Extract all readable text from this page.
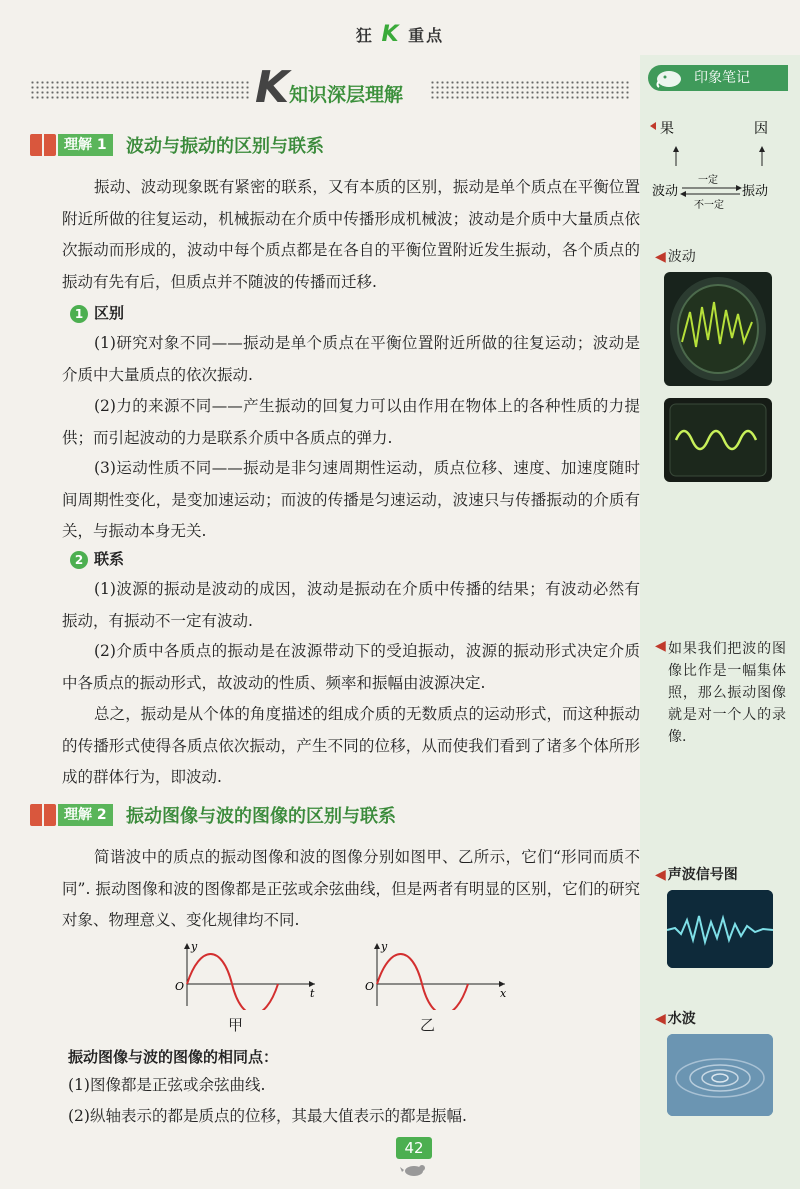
狂 K 重点
K 知识深层理解
印象笔记
理解 1	波动与振动的区别与联系

振动、波动现象既有紧密的联系，又有本质的区别，振动是单个质点在平衡位置附近所做的往复运动，机械振动在介质中传播形成机械波；波动是介质中大量质点依次振动而形成的，波动中每个质点都是在各自的平衡位置附近发生振动，各个质点的振动有先有后，但质点并不随波的传播而迁移.

1 区别

(1)研究对象不同——振动是单个质点在平衡位置附近所做的往复运动；波动是介质中大量质点的依次振动.

(2)力的来源不同——产生振动的回复力可以由作用在物体上的各种性质的力提供；而引起波动的力是联系介质中各质点的弹力.

(3)运动性质不同——振动是非匀速周期性运动，质点位移、速度、加速度随时间周期性变化，是变加速运动；而波的传播是匀速运动，波速只与传播振动的介质有关，与振动本身无关.

2 联系

(1)波源的振动是波动的成因，波动是振动在介质中传播的结果；有波动必然有振动，有振动不一定有波动.

(2)介质中各质点的振动是在波源带动下的受迫振动，波源的振动形式决定介质中各质点的振动形式，故波动的性质、频率和振幅由波源决定.

总之，振动是从个体的角度描述的组成介质的无数质点的运动形式，而这种振动的传播形式使得各质点依次振动，产生不同的位移，从而使我们看到了诸多个体所形成的群体行为，即波动.

理解 2	振动图像与波的图像的区别与联系

简谐波中的质点的振动图像和波的图像分别如图甲、乙所示，它们“形同而质不同”. 振动图像和波的图像都是正弦或余弦曲线，但是两者有明显的区别，它们的研究对象、物理意义、变化规律均不同.

y
t
O
甲
y
x
O
乙
振动图像与波的图像的相同点：

(1)图像都是正弦或余弦曲线.

(2)纵轴表示的都是质点的位移，其最大值表示的都是振幅.

果	因
波动
一定
不一定
振动
◀ 波动
◀ 如果我们把波的图像比作是一幅集体照，那么振动图像就是对一个人的录像.
◀ 声波信号图
◀ 水波
42
